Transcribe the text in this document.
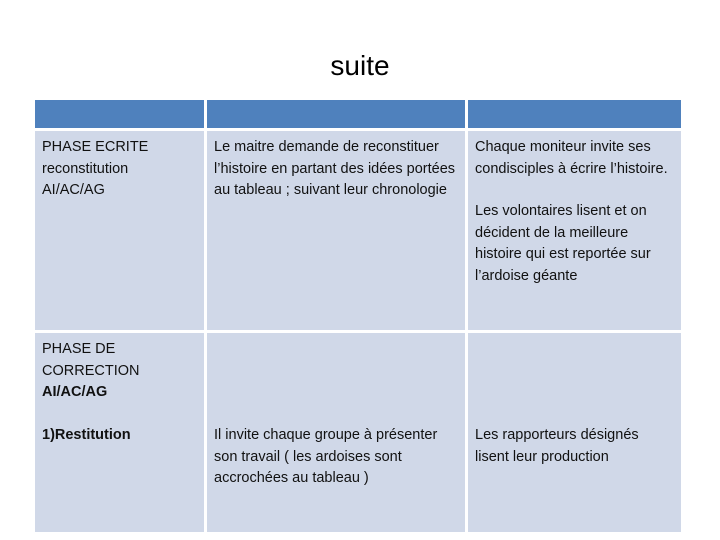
suite

PHASE ECRITE

reconstitution

AI/AC/AG

Le maitre demande de reconstituer l’histoire en partant des idées portées au tableau ; suivant leur chronologie

Chaque moniteur invite ses condisciples à écrire l’histoire.

Les volontaires lisent et on décident de la meilleure histoire qui est reportée sur l’ardoise géante

PHASE DE CORRECTION

AI/AC/AG

1)Restitution	Il invite chaque groupe à présenter son travail ( les ardoises sont accrochées au tableau )

Les rapporteurs désignés lisent leur production
